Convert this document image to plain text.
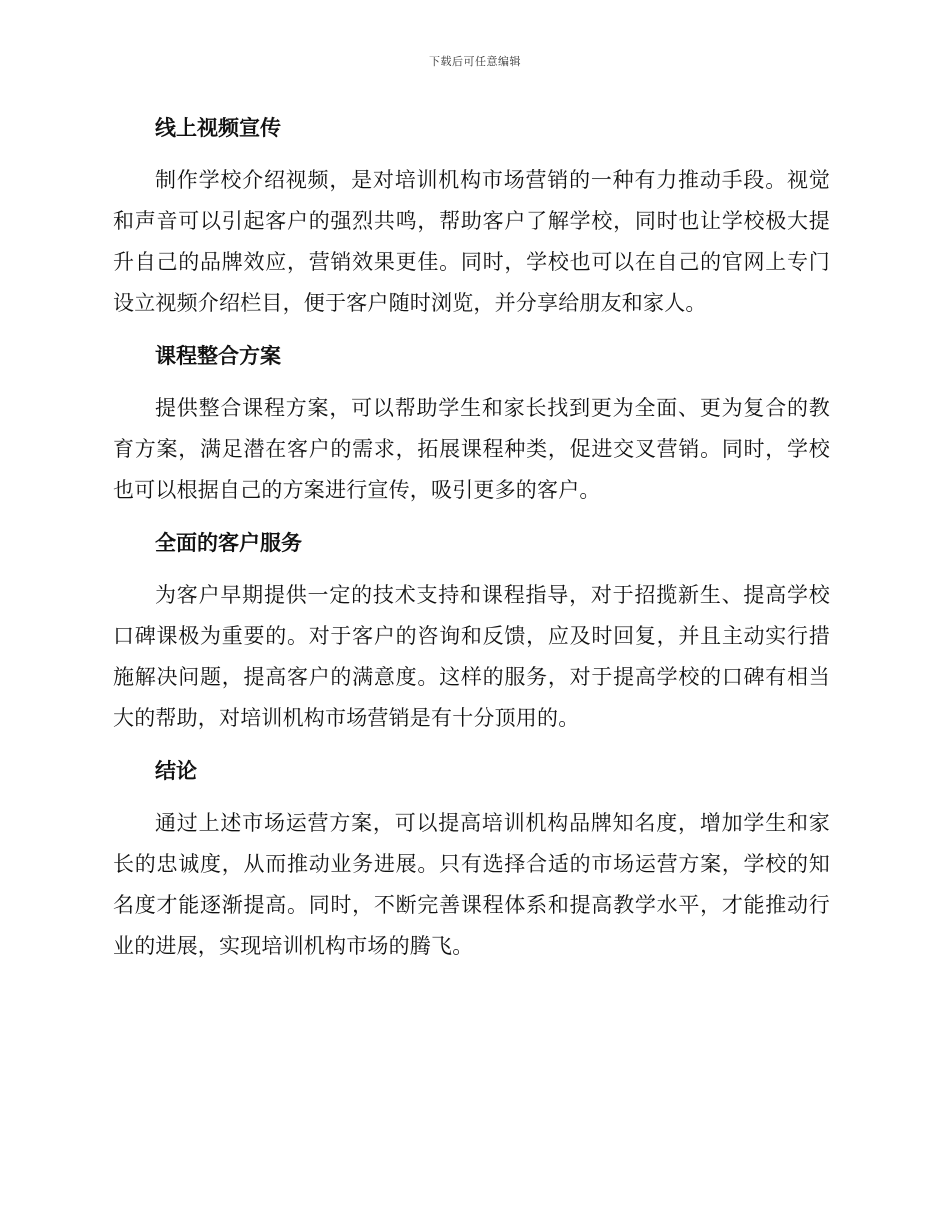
下载后可任意编辑
线上视频宣传

制作学校介绍视频，是对培训机构市场营销的一种有力推动手段。视觉和声音可以引起客户的强烈共鸣，帮助客户了解学校，同时也让学校极大提升自己的品牌效应，营销效果更佳。同时，学校也可以在自己的官网上专门设立视频介绍栏目，便于客户随时浏览，并分享给朋友和家人。

课程整合方案

提供整合课程方案，可以帮助学生和家长找到更为全面、更为复合的教育方案，满足潜在客户的需求，拓展课程种类，促进交叉营销。同时，学校也可以根据自己的方案进行宣传，吸引更多的客户。

全面的客户服务

为客户早期提供一定的技术支持和课程指导，对于招揽新生、提高学校口碑课极为重要的。对于客户的咨询和反馈，应及时回复，并且主动实行措施解决问题，提高客户的满意度。这样的服务，对于提高学校的口碑有相当大的帮助，对培训机构市场营销是有十分顶用的。

结论

通过上述市场运营方案，可以提高培训机构品牌知名度，增加学生和家长的忠诚度，从而推动业务进展。只有选择合适的市场运营方案，学校的知名度才能逐渐提高。同时，不断完善课程体系和提高教学水平，才能推动行业的进展，实现培训机构市场的腾飞。
